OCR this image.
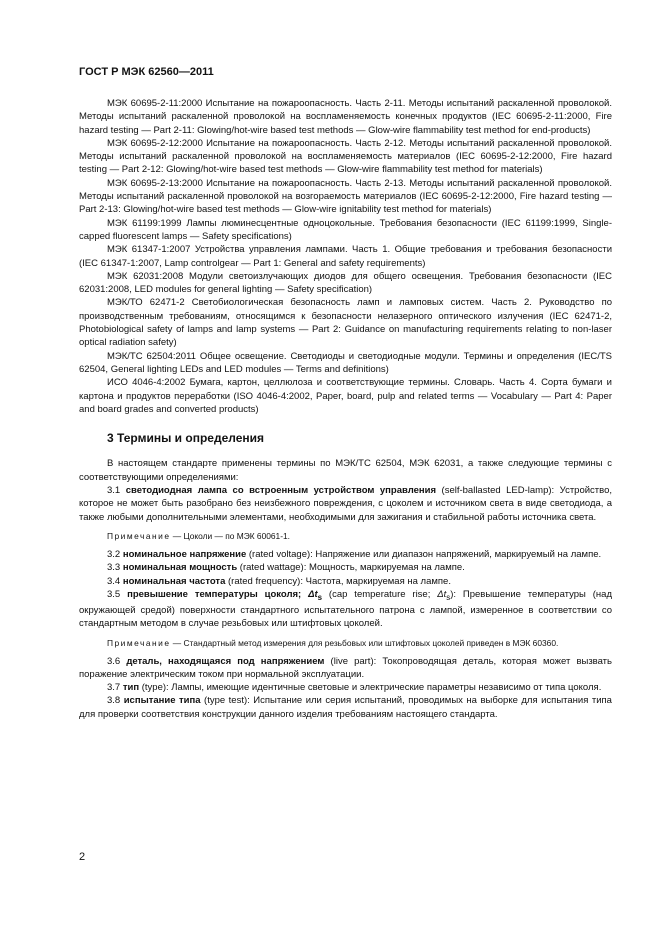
ГОСТ Р МЭК 62560—2011

МЭК 60695-2-11:2000 Испытание на пожароопасность. Часть 2-11. Методы испытаний раскаленной проволокой. Методы испытаний раскаленной проволокой на воспламеняемость конечных продуктов (IEC 60695-2-11:2000, Fire hazard testing — Part 2-11: Glowing/hot-wire based test methods — Glow-wire flammability test method for end-products)

МЭК 60695-2-12:2000 Испытание на пожароопасность. Часть 2-12. Методы испытаний раскаленной проволокой. Методы испытаний раскаленной проволокой на воспламеняемость материалов (IEC 60695-2-12:2000, Fire hazard testing — Part 2-12: Glowing/hot-wire based test methods — Glow-wire flammability test method for materials)

МЭК 60695-2-13:2000 Испытание на пожароопасность. Часть 2-13. Методы испытаний раскаленной проволокой. Методы испытаний раскаленной проволокой на возгораемость материалов (IEC 60695-2-12:2000, Fire hazard testing — Part 2-13: Glowing/hot-wire based test methods — Glow-wire ignitability test method for materials)

МЭК 61199:1999 Лампы люминесцентные одноцокольные. Требования безопасности (IEC 61199:1999, Single-capped fluorescent lamps — Safety specifications)

МЭК 61347-1:2007 Устройства управления лампами. Часть 1. Общие требования и требования безопасности (IEC 61347-1:2007, Lamp controlgear — Part 1: General and safety requirements)

МЭК 62031:2008 Модули светоизлучающих диодов для общего освещения. Требования безопасности (IEC 62031:2008, LED modules for general lighting — Safety specification)

МЭК/ТО 62471-2 Светобиологическая безопасность ламп и ламповых систем. Часть 2. Руководство по производственным требованиям, относящимся к безопасности нелазерного оптического излучения (IEC 62471-2, Photobiological safety of lamps and lamp systems — Part 2: Guidance on manufacturing requirements relating to non-laser optical radiation safety)

МЭК/ТС 62504:2011 Общее освещение. Светодиоды и светодиодные модули. Термины и определения (IEC/TS 62504, General lighting LEDs and LED modules — Terms and definitions)

ИСО 4046-4:2002 Бумага, картон, целлюлоза и соответствующие термины. Словарь. Часть 4. Сорта бумаги и картона и продуктов переработки (ISO 4046-4:2002, Paper, board, pulp and related terms — Vocabulary — Part 4: Paper and board grades and converted products)

3 Термины и определения

В настоящем стандарте применены термины по МЭК/ТС 62504, МЭК 62031, а также следующие термины с соответствующими определениями:

3.1 светодиодная лампа со встроенным устройством управления (self-ballasted LED-lamp): Устройство, которое не может быть разобрано без неизбежного повреждения, с цоколем и источником света в виде светодиода, а также любыми дополнительными элементами, необходимыми для зажигания и стабильной работы источника света.

Примечание — Цоколи — по МЭК 60061-1.

3.2 номинальное напряжение (rated voltage): Напряжение или диапазон напряжений, маркируемый на лампе.

3.3 номинальная мощность (rated wattage): Мощность, маркируемая на лампе.

3.4 номинальная частота (rated frequency): Частота, маркируемая на лампе.

3.5 превышение температуры цоколя; $\Delta t_s$ (cap temperature rise; $\Delta t_s$): Превышение температуры (над окружающей средой) поверхности стандартного испытательного патрона с лампой, измеренное в соответствии со стандартным методом в случае резьбовых или штифтовых цоколей.

Примечание — Стандартный метод измерения для резьбовых или штифтовых цоколей приведен в МЭК 60360.

3.6 деталь, находящаяся под напряжением (live part): Токопроводящая деталь, которая может вызвать поражение электрическим током при нормальной эксплуатации.

3.7 тип (type): Лампы, имеющие идентичные световые и электрические параметры независимо от типа цоколя.

3.8 испытание типа (type test): Испытание или серия испытаний, проводимых на выборке для испытания типа для проверки соответствия конструкции данного изделия требованиям настоящего стандарта.

2
